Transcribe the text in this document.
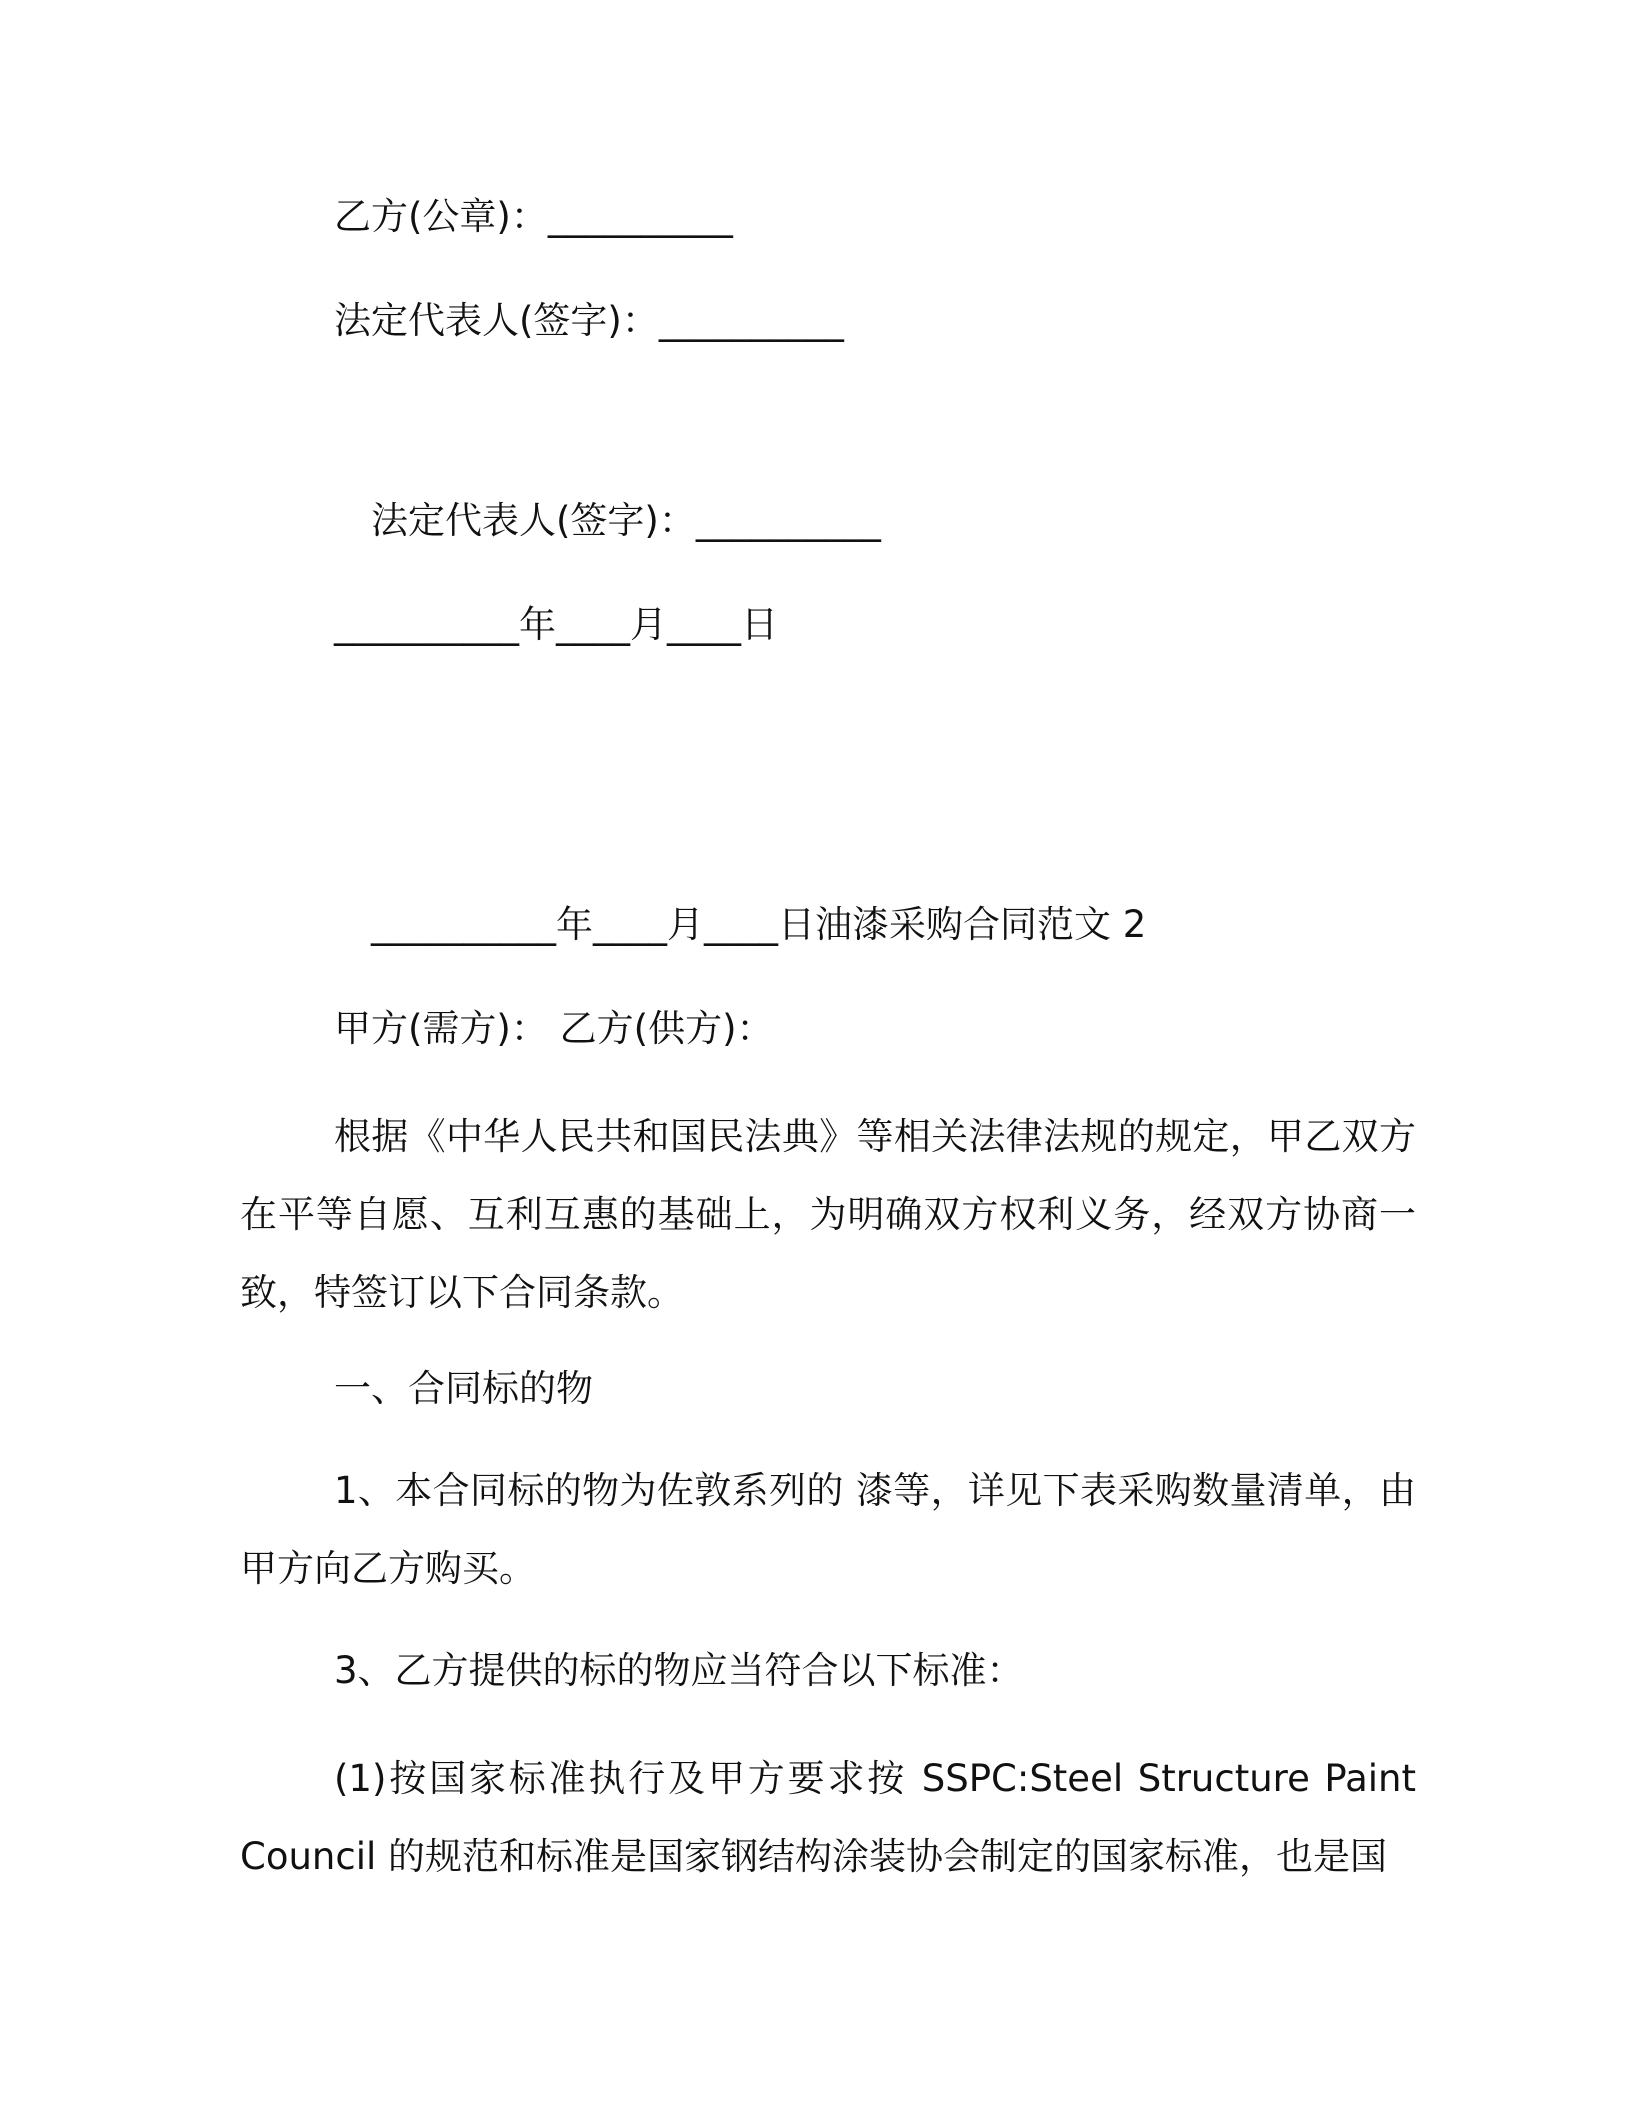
乙方(公章)：__________
法定代表人(签字)：__________
法定代表人(签字)：__________
__________年____月____日
__________年____月____日油漆采购合同范文 2
甲方(需方)： 乙方(供方)：
根据《中华人民共和国民法典》等相关法律法规的规定，甲乙双方在平等自愿、互利互惠的基础上，为明确双方权利义务，经双方协商一致，特签订以下合同条款。
一、合同标的物
1、本合同标的物为佐敦系列的 漆等，详见下表采购数量清单，由甲方向乙方购买。
3、乙方提供的标的物应当符合以下标准：
(1)按国家标准执行及甲方要求按 SSPC:Steel Structure Paint Council 的规范和标准是国家钢结构涂装协会制定的国家标准，也是国
